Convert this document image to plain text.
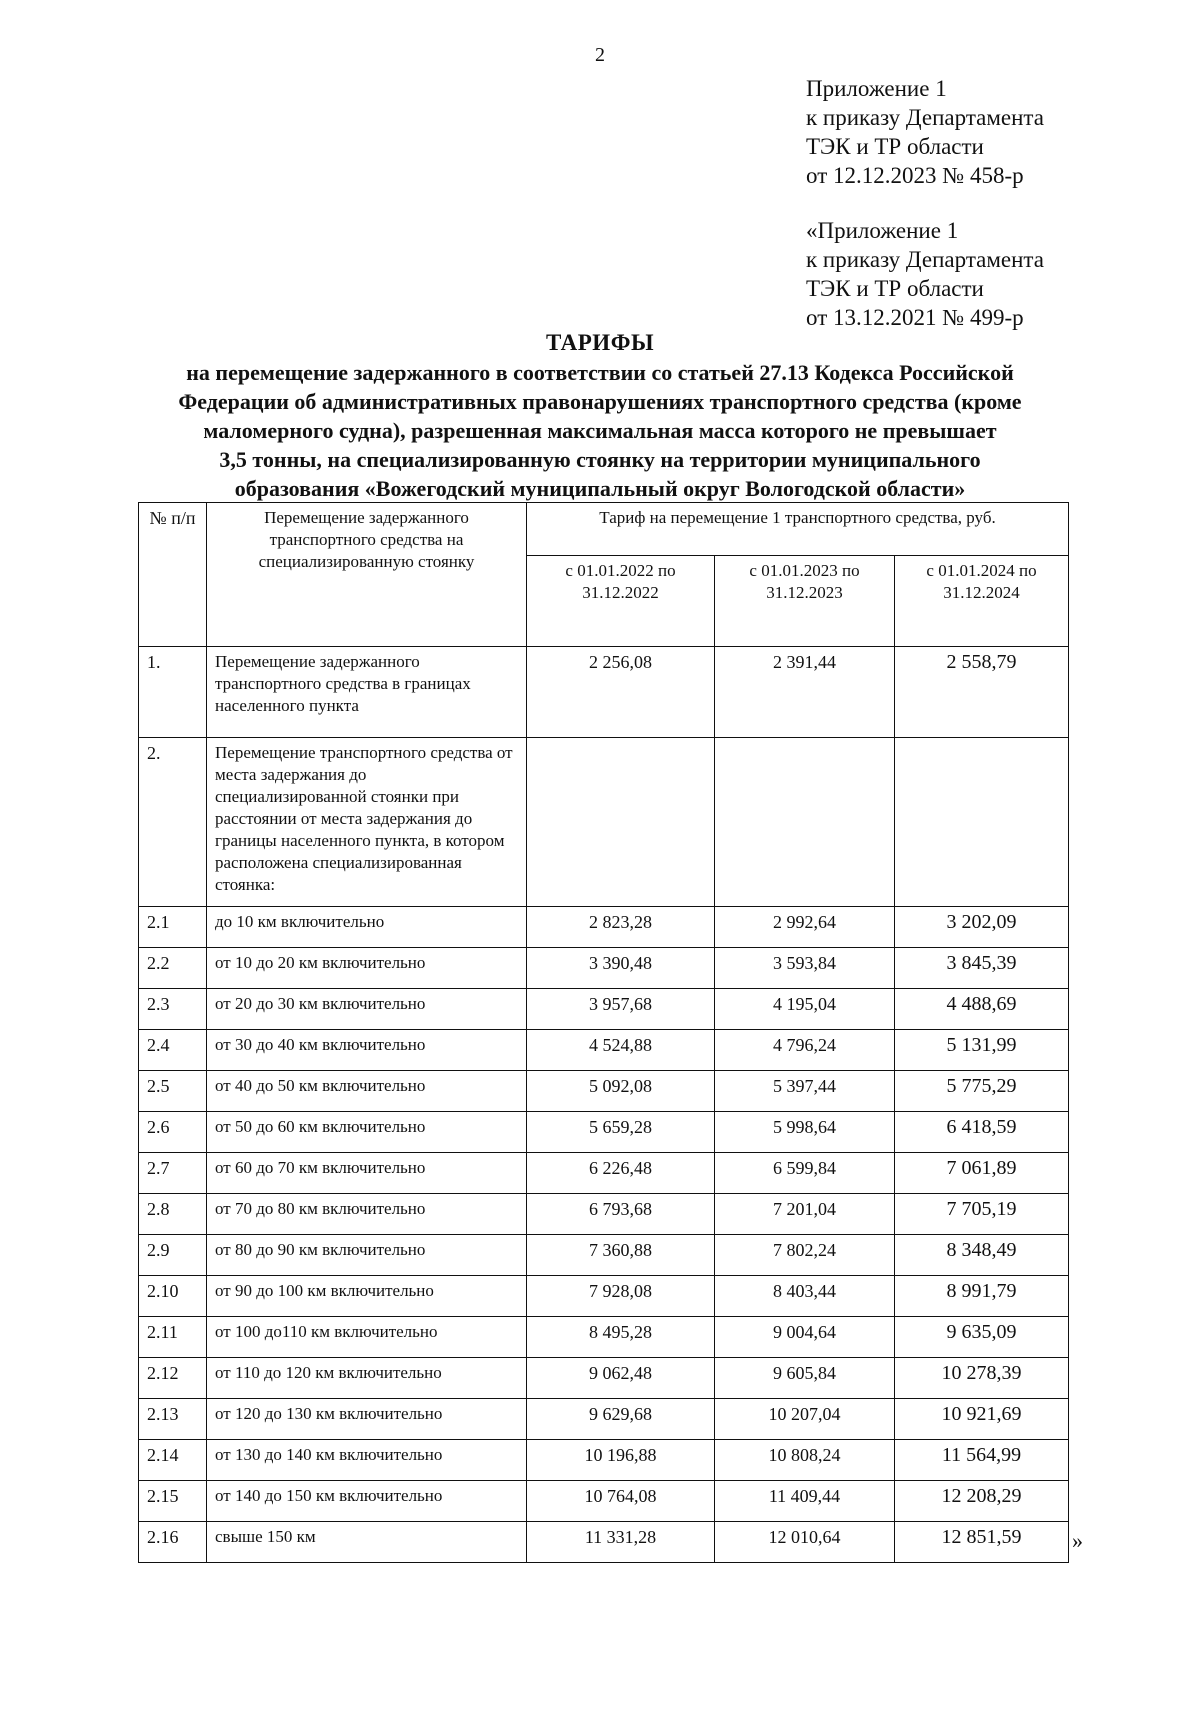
2
Приложение 1
к приказу Департамента
ТЭК и ТР области
от 12.12.2023 № 458-р
«Приложение 1
к приказу Департамента
ТЭК и ТР области
от 13.12.2021 № 499-р
ТАРИФЫ
на перемещение задержанного в соответствии со статьей 27.13 Кодекса Российской
Федерации об административных правонарушениях транспортного средства (кроме
маломерного судна), разрешенная максимальная масса которого не превышает
3,5 тонны, на специализированную стоянку на территории муниципального
образования «Вожегодский муниципальный округ Вологодской области»
№ п/п	Перемещение задержанного транспортного средства на специализированную стоянку	Тариф на перемещение 1 транспортного средства, руб.		
		с 01.01.2022 по 31.12.2022	с 01.01.2023 по 31.12.2023	с 01.01.2024 по 31.12.2024
1.	Перемещение задержанного транспортного средства в границах населенного пункта	2 256,08	2 391,44	2 558,79
2.	Перемещение транспортного средства от места задержания до специализированной стоянки при расстоянии от места задержания до границы населенного пункта, в котором расположена специализированная стоянка:			
2.1	до 10 км включительно	2 823,28	2 992,64	3 202,09
2.2	от 10 до 20 км включительно	3 390,48	3 593,84	3 845,39
2.3	от 20 до 30 км включительно	3 957,68	4 195,04	4 488,69
2.4	от 30 до 40 км включительно	4 524,88	4 796,24	5 131,99
2.5	от 40 до 50 км включительно	5 092,08	5 397,44	5 775,29
2.6	от 50 до 60 км включительно	5 659,28	5 998,64	6 418,59
2.7	от 60 до 70 км включительно	6 226,48	6 599,84	7 061,89
2.8	от 70 до 80 км включительно	6 793,68	7 201,04	7 705,19
2.9	от 80 до 90 км включительно	7 360,88	7 802,24	8 348,49
2.10	от 90 до 100 км включительно	7 928,08	8 403,44	8 991,79
2.11	от 100 до110 км включительно	8 495,28	9 004,64	9 635,09
2.12	от 110 до 120 км включительно	9 062,48	9 605,84	10 278,39
2.13	от 120 до 130 км включительно	9 629,68	10 207,04	10 921,69
2.14	от 130 до 140 км включительно	10 196,88	10 808,24	11 564,99
2.15	от 140 до 150 км включительно	10 764,08	11 409,44	12 208,29
2.16	свыше 150 км	11 331,28	12 010,64	12 851,59 »
